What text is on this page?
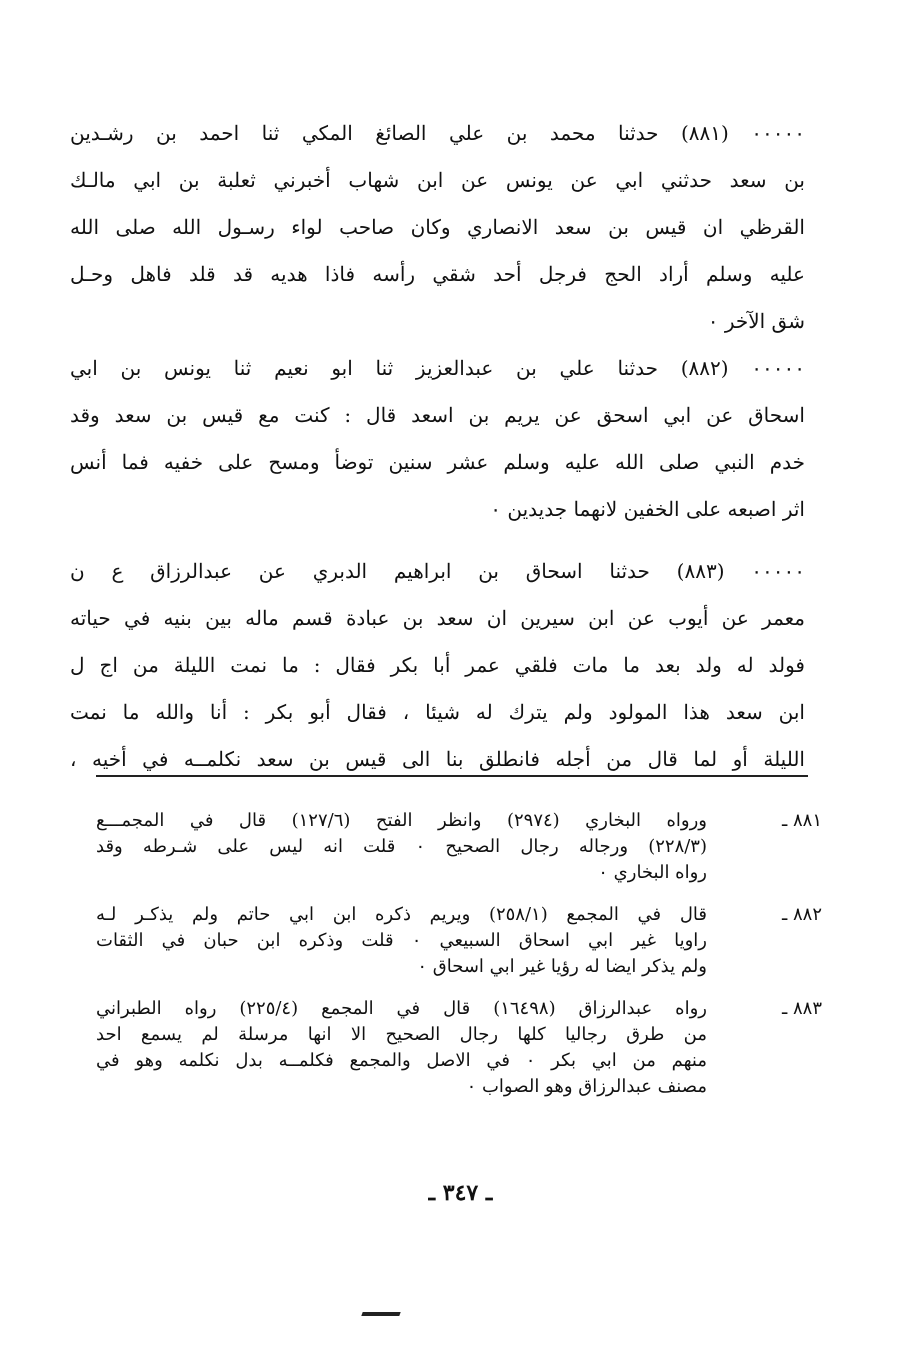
٠٠٠٠٠ (٨٨١) حدثنا محمد بن علي الصائغ المكي ثنا احمد بن رشـدين
بن سعد حدثني ابي عن يونس عن ابن شهاب أخبرني ثعلبة بن ابي مالـك
القرظي ان قيس بن سعد الانصاري وكان صاحب لواء رسـول الله صلى الله
عليه وسلم أراد الحج فرجل أحد شقي رأسه فاذا هديه قد قلد فاهل وحـل
شق الآخر ٠
٠٠٠٠٠ (٨٨٢) حدثنا علي بن عبدالعزيز ثنا ابو نعيم ثنا يونس بن ابي
اسحاق عن ابي اسحق عن يريم بن اسعد قال : كنت مع قيس بن سعد وقد
خدم النبي صلى الله عليه وسلم عشر سنين توضأ ومسح على خفيه فما أنس
اثر اصبعه على الخفين لانهما جديدين ٠
٠٠٠٠٠ (٨٨٣) حدثنا اسحاق بن ابراهيم الدبري عن عبدالرزاق ع ن
معمر عن أيوب عن ابن سيرين ان سعد بن عبادة قسم ماله بين بنيه في حياته
فولد له ولد بعد ما مات فلقي عمر أبا بكر فقال : ما نمت الليلة من اج ل
ابن سعد هذا المولود ولم يترك له شيئا ، فقال أبو بكر : أنا والله ما نمت
الليلة أو لما قال من أجله فانطلق بنا الى قيس بن سعد نكلمــه في أخيه ،
٨٨١ ـ
ورواه البخاري (٢٩٧٤) وانظر الفتح (١٢٧/٦) قال في المجمـــع
(٢٢٨/٣) ورجاله رجال الصحيح ٠ قلت انه ليس على شـرطه وقد
رواه البخاري ٠
٨٨٢ ـ
قال في المجمع (٢٥٨/١) ويريم ذكره ابن ابي حاتم ولم يذكـر لـه
راويا غير ابي اسحاق السبيعي ٠ قلت وذكره ابن حبان في الثقات
ولم يذكر ايضا له رؤيا غير ابي اسحاق ٠
٨٨٣ ـ
رواه عبدالرزاق (١٦٤٩٨) قال في المجمع (٢٢٥/٤) رواه الطبراني
من طرق رجاليا كلها رجال الصحيح الا انها مرسلة لم يسمع احد
منهم من ابي بكر ٠ في الاصل والمجمع فكلمــه بدل نكلمه وهو في
مصنف عبدالرزاق وهو الصواب ٠
ـ ٣٤٧ ـ
